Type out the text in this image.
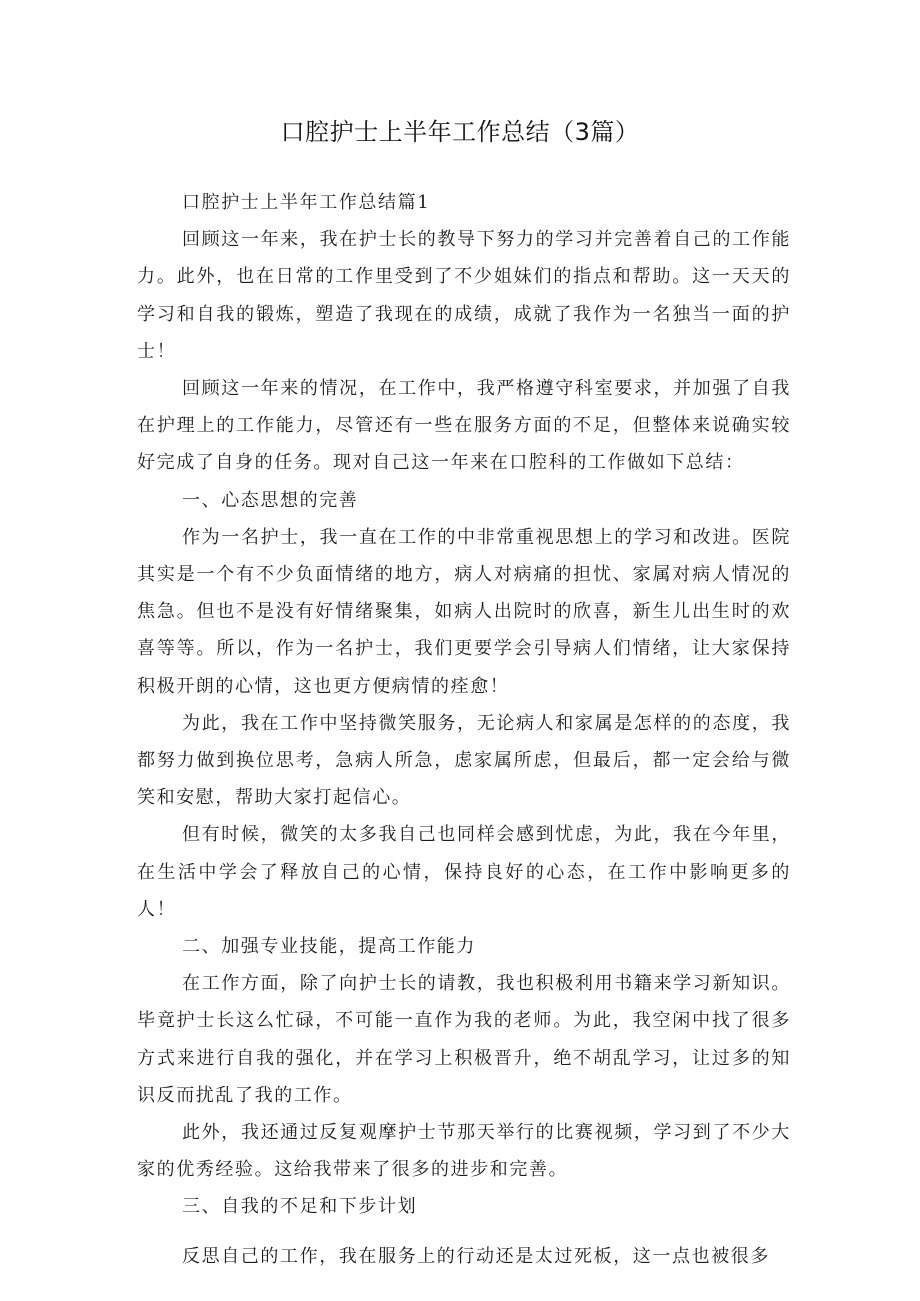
口腔护士上半年工作总结（3篇）

口腔护士上半年工作总结篇1

回顾这一年来，我在护士长的教导下努力的学习并完善着自己的工作能力。此外，也在日常的工作里受到了不少姐妹们的指点和帮助。这一天天的学习和自我的锻炼，塑造了我现在的成绩，成就了我作为一名独当一面的护士！

回顾这一年来的情况，在工作中，我严格遵守科室要求，并加强了自我在护理上的工作能力，尽管还有一些在服务方面的不足，但整体来说确实较好完成了自身的任务。现对自己这一年来在口腔科的工作做如下总结：

一、心态思想的完善

作为一名护士，我一直在工作的中非常重视思想上的学习和改进。医院其实是一个有不少负面情绪的地方，病人对病痛的担忧、家属对病人情况的焦急。但也不是没有好情绪聚集，如病人出院时的欣喜，新生儿出生时的欢喜等等。所以，作为一名护士，我们更要学会引导病人们情绪，让大家保持积极开朗的心情，这也更方便病情的痊愈！

为此，我在工作中坚持微笑服务，无论病人和家属是怎样的的态度，我都努力做到换位思考，急病人所急，虑家属所虑，但最后，都一定会给与微笑和安慰，帮助大家打起信心。

但有时候，微笑的太多我自己也同样会感到忧虑，为此，我在今年里，在生活中学会了释放自己的心情，保持良好的心态，在工作中影响更多的人！

二、加强专业技能，提高工作能力

在工作方面，除了向护士长的请教，我也积极利用书籍来学习新知识。毕竟护士长这么忙碌，不可能一直作为我的老师。为此，我空闲中找了很多方式来进行自我的强化，并在学习上积极晋升，绝不胡乱学习，让过多的知识反而扰乱了我的工作。

此外，我还通过反复观摩护士节那天举行的比赛视频，学习到了不少大家的优秀经验。这给我带来了很多的进步和完善。

三、自我的不足和下步计划

反思自己的工作，我在服务上的行动还是太过死板，这一点也被很多
